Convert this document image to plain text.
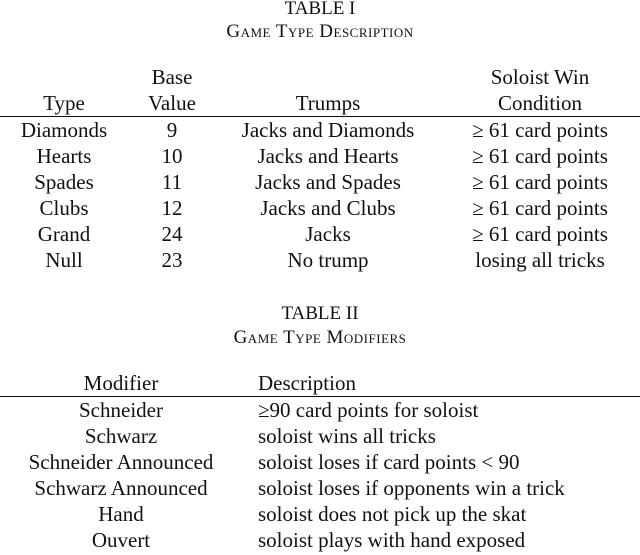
TABLE I
Game Type Description
	Base		Soloist Win
Type	Value	Trumps	Condition
Diamonds	9	Jacks and Diamonds	≥ 61 card points
Hearts	10	Jacks and Hearts	≥ 61 card points
Spades	11	Jacks and Spades	≥ 61 card points
Clubs	12	Jacks and Clubs	≥ 61 card points
Grand	24	Jacks	≥ 61 card points
Null	23	No trump	losing all tricks
TABLE II
Game Type Modifiers
Modifier	Description
Schneider	≥90 card points for soloist
Schwarz	soloist wins all tricks
Schneider Announced	soloist loses if card points < 90
Schwarz Announced	soloist loses if opponents win a trick
Hand	soloist does not pick up the skat
Ouvert	soloist plays with hand exposed
